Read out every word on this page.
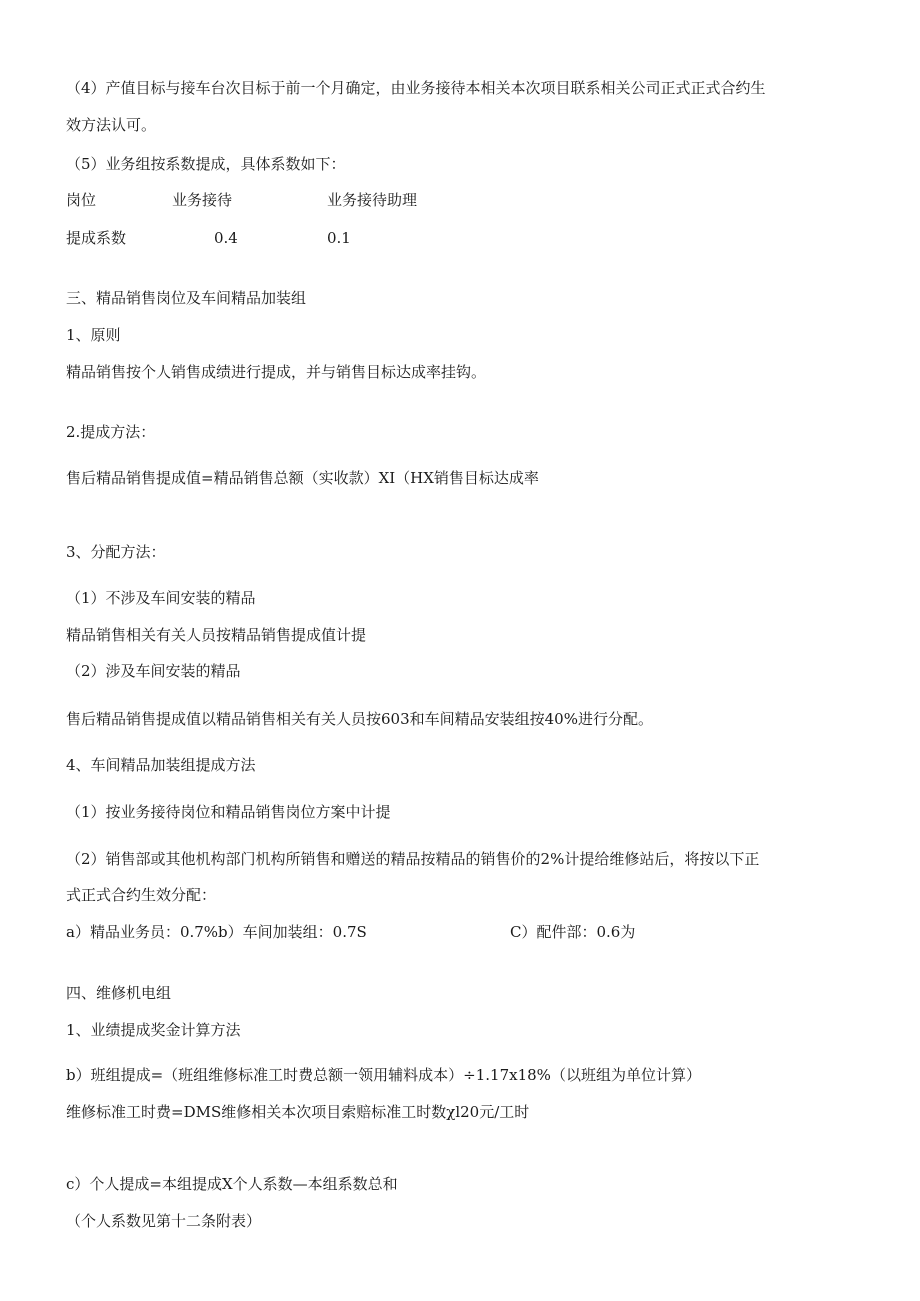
（4）产值目标与接车台次目标于前一个月确定，由业务接待本相关本次项目联系相关公司正式正式合约生
效方法认可。
（5）业务组按系数提成，具体系数如下：
岗位	业务接待	业务接待助理
提成系数	0.4	0.1
三、精品销售岗位及车间精品加装组
1、原则
精品销售按个人销售成绩进行提成，并与销售目标达成率挂钩。
2.提成方法：
售后精品销售提成值=精品销售总额（实收款）XI（HX销售目标达成率
3、分配方法：
（1）不涉及车间安装的精品
精品销售相关有关人员按精品销售提成值计提
（2）涉及车间安装的精品
售后精品销售提成值以精品销售相关有关人员按603和车间精品安装组按40%进行分配。
4、车间精品加装组提成方法
（1）按业务接待岗位和精品销售岗位方案中计提
（2）销售部或其他机构部门机构所销售和赠送的精品按精品的销售价的2%计提给维修站后，将按以下正
式正式合约生效分配：
a）精品业务员：0.7%b）车间加装组：0.7S	C）配件部：0.6为
四、维修机电组
1、业绩提成奖金计算方法
b）班组提成=（班组维修标准工时费总额一领用辅料成本）÷1.17x18%（以班组为单位计算）
维修标准工时费=DMS维修相关本次项目索赔标准工时数χl20元/工时
c）个人提成=本组提成X个人系数—本组系数总和
（个人系数见第十二条附表）
